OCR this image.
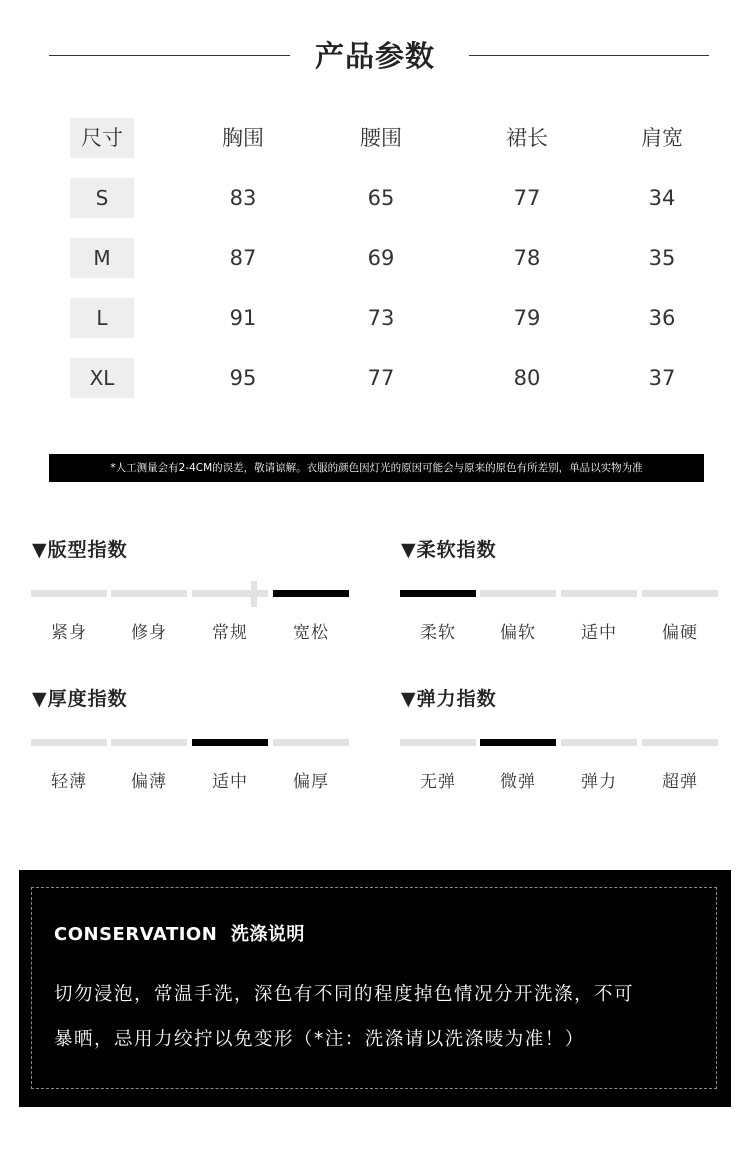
产品参数
尺寸	胸围	腰围	裙长	肩宽
S	83	65	77	34
M	87	69	78	35
L	91	73	79	36
XL	95	77	80	37
*人工测量会有2-4CM的误差，敬请谅解。衣服的颜色因灯光的原因可能会与原来的原色有所差别，单品以实物为准
▼版型指数
紧身	修身	常规	宽松
▼柔软指数
柔软	偏软	适中	偏硬
▼厚度指数
轻薄	偏薄	适中	偏厚
▼弹力指数
无弹	微弹	弹力	超弹
CONSERVATION  洗涤说明
切勿浸泡，常温手洗，深色有不同的程度掉色情况分开洗涤，不可
暴晒，忌用力绞拧以免变形（*注：洗涤请以洗涤唛为准！）
